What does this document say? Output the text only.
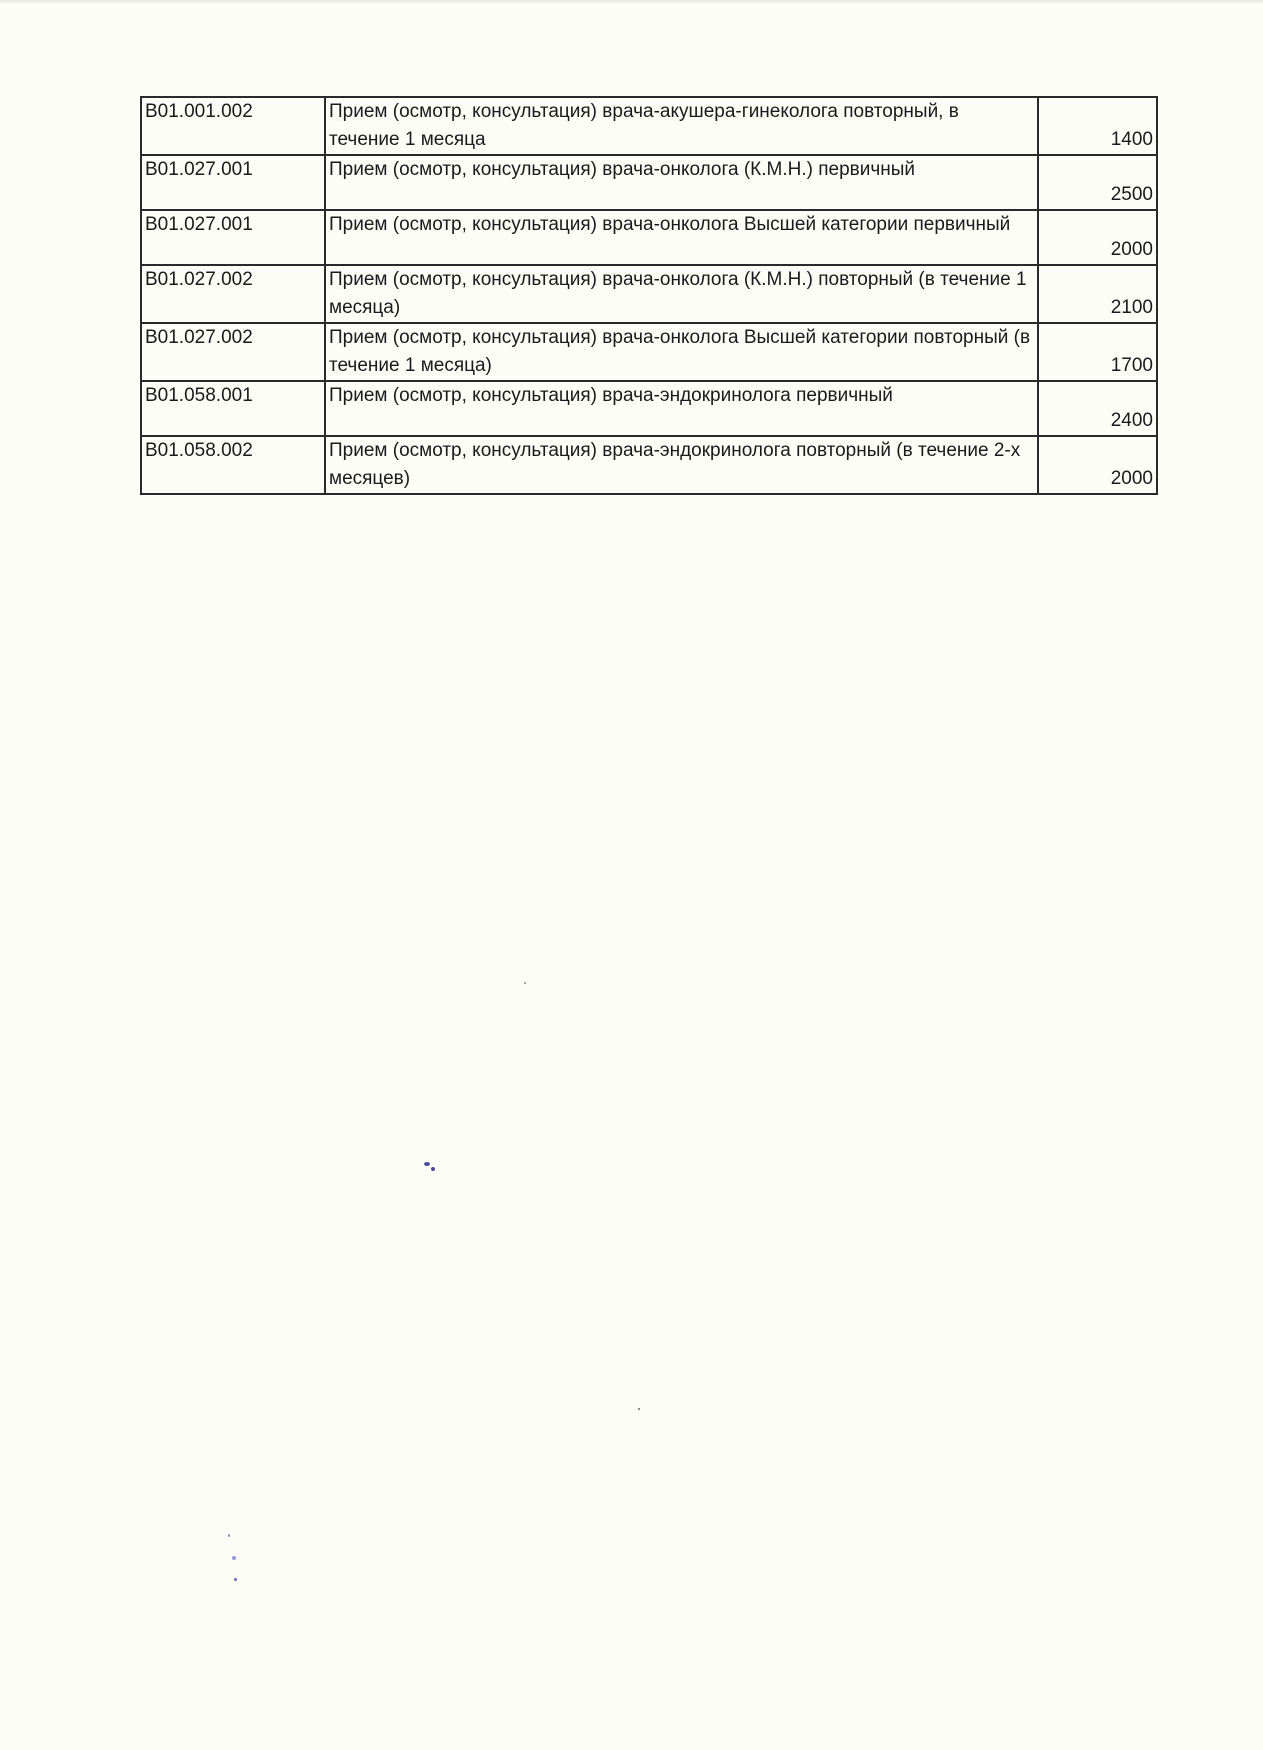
B01.001.002	Прием (осмотр, консультация) врача-акушера-гинеколога повторный, в течение 1 месяца	1400
B01.027.001	Прием (осмотр, консультация) врача-онколога (К.М.Н.) первичный	2500
B01.027.001	Прием (осмотр, консультация) врача-онколога Высшей категории первичный	2000
B01.027.002	Прием (осмотр, консультация) врача-онколога (К.М.Н.) повторный (в течение 1 месяца)	2100
B01.027.002	Прием (осмотр, консультация) врача-онколога Высшей категории повторный (в течение 1 месяца)	1700
B01.058.001	Прием (осмотр, консультация) врача-эндокринолога первичный	2400
B01.058.002	Прием (осмотр, консультация) врача-эндокринолога повторный (в течение 2-х месяцев)	2000
